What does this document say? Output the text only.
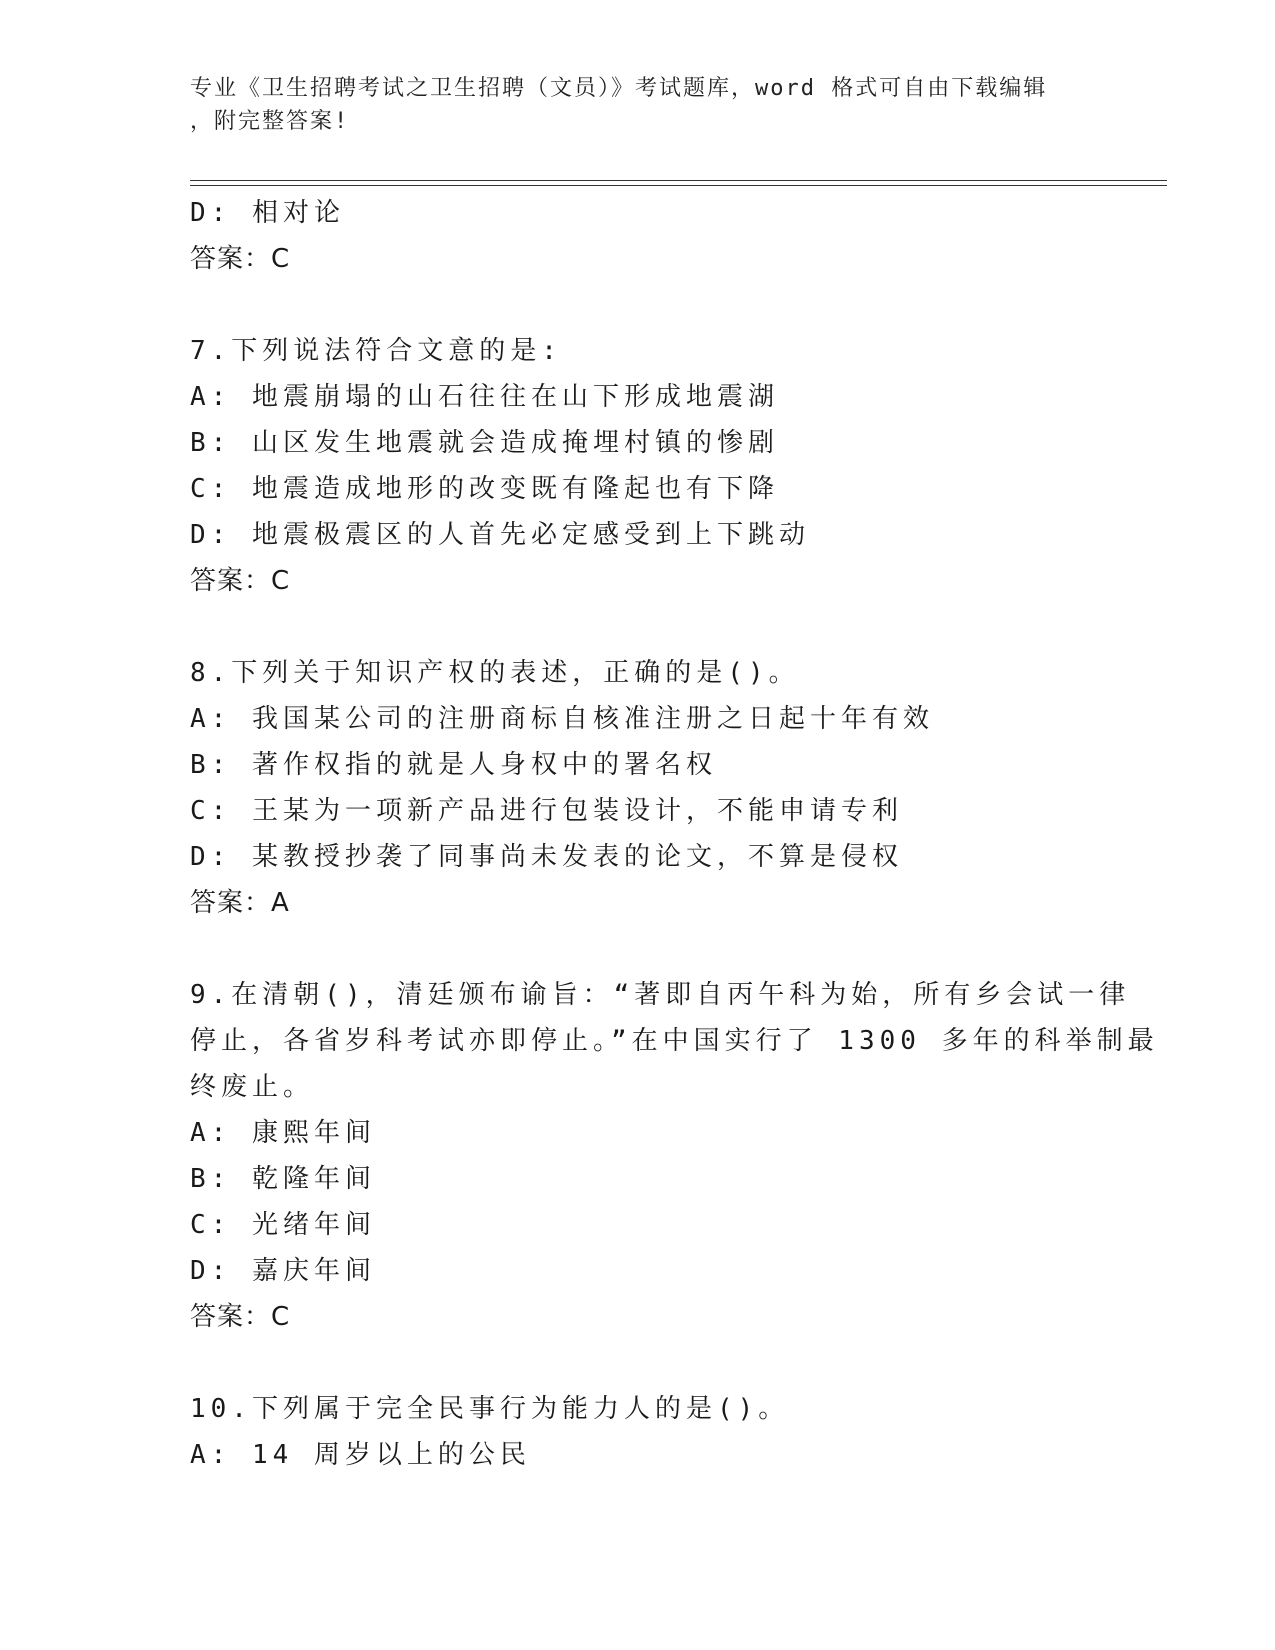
专业《卫生招聘考试之卫生招聘（文员）》考试题库，word 格式可自由下载编辑
，附完整答案!
D: 相对论
答案：C
7.下列说法符合文意的是:
A: 地震崩塌的山石往往在山下形成地震湖
B: 山区发生地震就会造成掩埋村镇的惨剧
C: 地震造成地形的改变既有隆起也有下降
D: 地震极震区的人首先必定感受到上下跳动
答案：C
8.下列关于知识产权的表述，正确的是()。
A: 我国某公司的注册商标自核准注册之日起十年有效
B: 著作权指的就是人身权中的署名权
C: 王某为一项新产品进行包装设计，不能申请专利
D: 某教授抄袭了同事尚未发表的论文，不算是侵权
答案：A
9.在清朝()，清廷颁布谕旨：“著即自丙午科为始，所有乡会试一律
停止，各省岁科考试亦即停止。”在中国实行了 1300 多年的科举制最
终废止。
A: 康熙年间
B: 乾隆年间
C: 光绪年间
D: 嘉庆年间
答案：C
10.下列属于完全民事行为能力人的是()。
A: 14 周岁以上的公民
